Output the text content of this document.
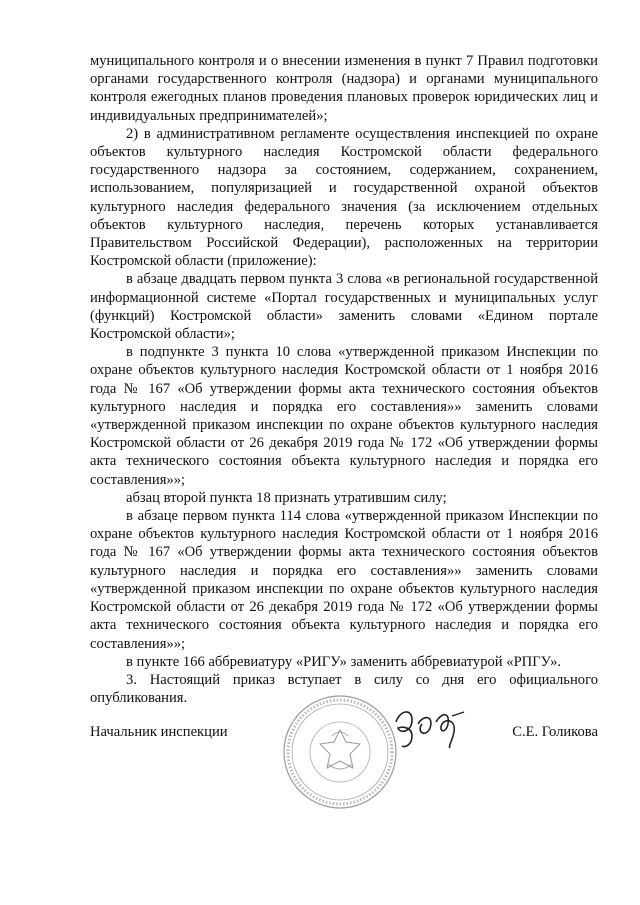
муниципального контроля и о внесении изменения в пункт 7 Правил подготовки органами государственного контроля (надзора) и органами муниципального контроля ежегодных планов проведения плановых проверок юридических лиц и индивидуальных предпринимателей»;

2) в административном регламенте осуществления инспекцией по охране объектов культурного наследия Костромской области федерального государственного надзора за состоянием, содержанием, сохранением, использованием, популяризацией и государственной охраной объектов культурного наследия федерального значения (за исключением отдельных объектов культурного наследия, перечень которых устанавливается Правительством Российской Федерации), расположенных на территории Костромской области (приложение):

в абзаце двадцать первом пункта 3 слова «в региональной государственной информационной системе «Портал государственных и муниципальных услуг (функций) Костромской области» заменить словами «Едином портале Костромской области»;

в подпункте 3 пункта 10 слова «утвержденной приказом Инспекции по охране объектов культурного наследия Костромской области от 1 ноября 2016 года № 167 «Об утверждении формы акта технического состояния объектов культурного наследия и порядка его составления»» заменить словами «утвержденной приказом инспекции по охране объектов культурного наследия Костромской области от 26 декабря 2019 года № 172 «Об утверждении формы акта технического состояния объекта культурного наследия и порядка его составления»»;

абзац второй пункта 18 признать утратившим силу;

в абзаце первом пункта 114 слова «утвержденной приказом Инспекции по охране объектов культурного наследия Костромской области от 1 ноября 2016 года № 167 «Об утверждении формы акта технического состояния объектов культурного наследия и порядка его составления»» заменить словами «утвержденной приказом инспекции по охране объектов культурного наследия Костромской области от 26 декабря 2019 года № 172 «Об утверждении формы акта технического состояния объекта культурного наследия и порядка его составления»»;

в пункте 166 аббревиатуру «РИГУ» заменить аббревиатурой «РПГУ».

3. Настоящий приказ вступает в силу со дня его официального опубликования.

Начальник инспекции	С.Е. Голикова
